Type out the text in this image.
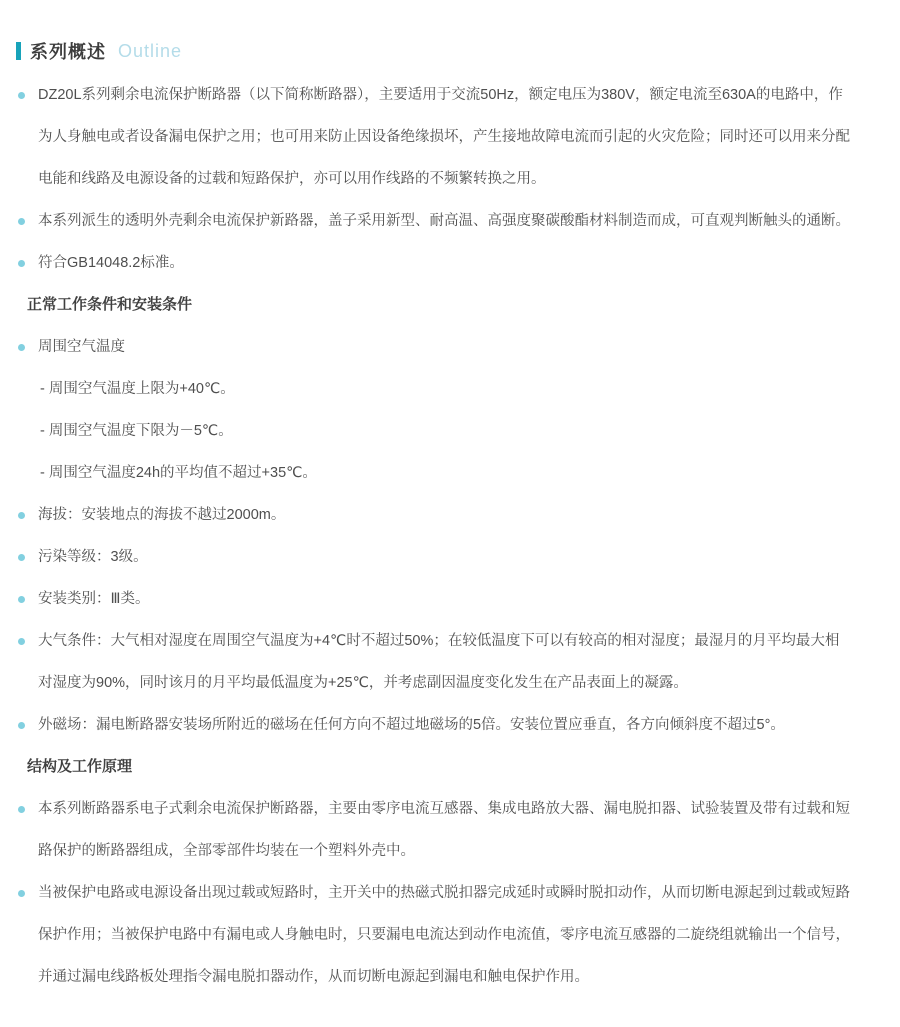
系列概述 Outline
DZ20L系列剩余电流保护断路器（以下简称断路器），主要适用于交流50Hz，额定电压为380V，额定电流至630A的电路中，作为人身触电或者设备漏电保护之用；也可用来防止因设备绝缘损坏，产生接地故障电流而引起的火灾危险；同时还可以用来分配电能和线路及电源设备的过载和短路保护，亦可以用作线路的不频繁转换之用。
本系列派生的透明外壳剩余电流保护新路器，盖子采用新型、耐高温、高强度聚碳酸酯材料制造而成，可直观判断触头的通断。
符合GB14048.2标准。
正常工作条件和安装条件
周围空气温度
- 周围空气温度上限为+40℃。
- 周围空气温度下限为－5℃。
- 周围空气温度24h的平均值不超过+35℃。
海拔：安装地点的海拔不越过2000m。
污染等级：3级。
安装类别：Ⅲ类。
大气条件：大气相对湿度在周围空气温度为+4℃时不超过50%；在较低温度下可以有较高的相对湿度；最湿月的月平均最大相对湿度为90%，同时该月的月平均最低温度为+25℃，并考虑副因温度变化发生在产品表面上的凝露。
外磁场：漏电断路器安装场所附近的磁场在任何方向不超过地磁场的5倍。安装位置应垂直，各方向倾斜度不超过5°。
结构及工作原理
本系列断路器系电子式剩余电流保护断路器，主要由零序电流互感器、集成电路放大器、漏电脱扣器、试验装置及带有过载和短路保护的断路器组成，全部零部件均装在一个塑料外壳中。
当被保护电路或电源设备出现过载或短路时，主开关中的热磁式脱扣器完成延时或瞬时脱扣动作，从而切断电源起到过载或短路保护作用；当被保护电路中有漏电或人身触电时，只要漏电电流达到动作电流值，零序电流互感器的二旋绕组就输出一个信号，并通过漏电线路板处理指令漏电脱扣器动作，从而切断电源起到漏电和触电保护作用。
